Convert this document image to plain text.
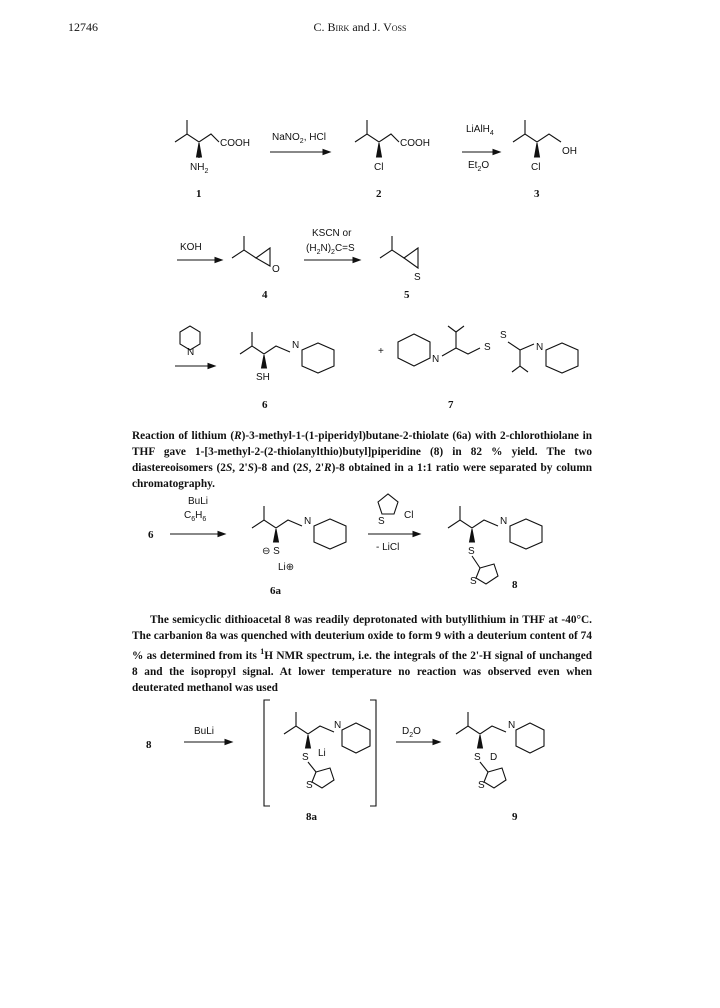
12746	C. Birk and J. Voss
COOH
$NH_2$
1
NaNO$_2$, HCl
COOH
Cl
2
LiAlH$_4$
$Et_2O$
OH
Cl
3
KOH
O
4
KSCN or
$(H_2N)_2C=S$
S
5
N
SH
N
6
+
N
S
S
N
7

Reaction of lithium (R)-3-methyl-1-(1-piperidyl)butane-2-thiolate (6a) with 2-chlorothiolane in THF gave 1-[3-methyl-2-(2-thiolanylthio)butyl]piperidine (8) in 82 % yield. The two diastereoisomers (2S, 2'S)-8 and (2S, 2'R)-8 obtained in a 1:1 ratio were separated by column chromatography.

6
BuLi
$C_6H_6$
⊖ S
Li⊕
N
6a
S
Cl
- LiCl	S
S
N
8

The semicyclic dithioacetal 8 was readily deprotonated with butyllithium in THF at -40°C. The carbanion 8a was quenched with deuterium oxide to form 9 with a deuterium content of 74 % as determined from its $^1$H NMR spectrum, i.e. the integrals of the 2'-H signal of unchanged 8 and the isopropyl signal. At lower temperature no reaction was observed even when deuterated methanol was used

8
BuLi
S Li
N
S
8a
$D_2O$
S D
N
S
9
